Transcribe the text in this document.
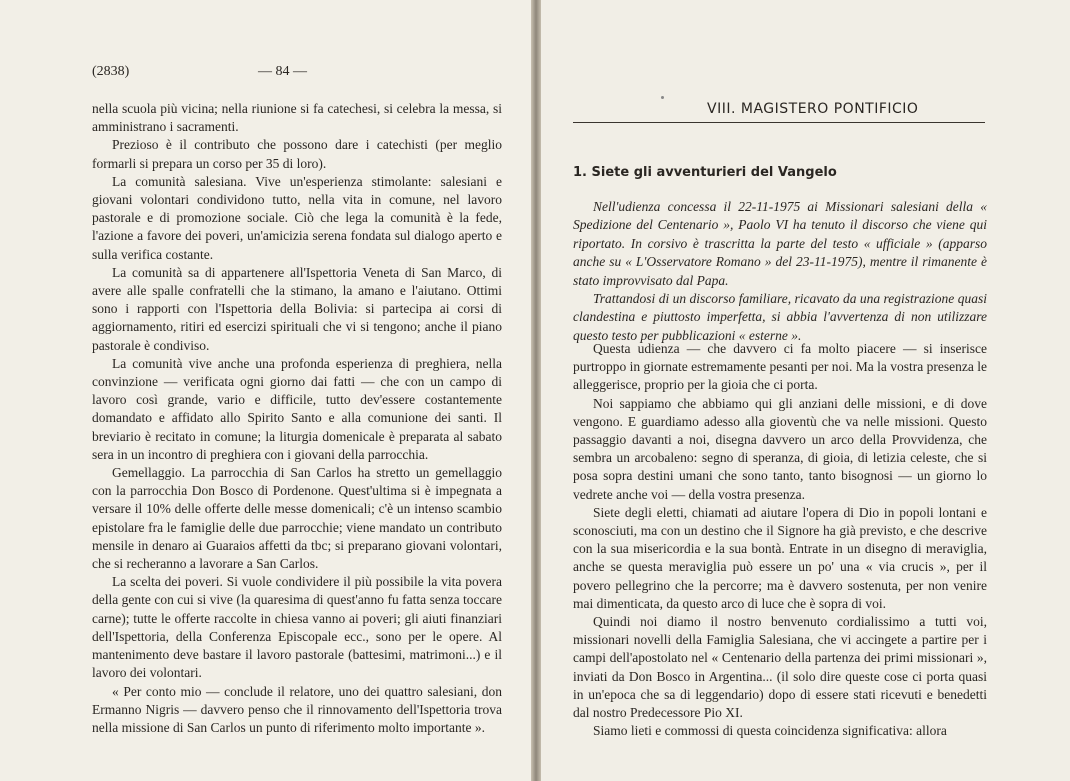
(2838)	— 84 —

nella scuola più vicina; nella riunione si fa catechesi, si celebra la messa, si amministrano i sacramenti.

Prezioso è il contributo che possono dare i catechisti (per meglio formarli si prepara un corso per 35 di loro).

La comunità salesiana. Vive un'esperienza stimolante: salesiani e giovani volontari condividono tutto, nella vita in comune, nel lavoro pastorale e di promozione sociale. Ciò che lega la comunità è la fede, l'azione a favore dei poveri, un'amicizia serena fondata sul dialogo aperto e sulla verifica costante.

La comunità sa di appartenere all'Ispettoria Veneta di San Marco, di avere alle spalle confratelli che la stimano, la amano e l'aiutano. Ottimi sono i rapporti con l'Ispettoria della Bolivia: si partecipa ai corsi di aggiornamento, ritiri ed esercizi spirituali che vi si tengono; anche il piano pastorale è condiviso.

La comunità vive anche una profonda esperienza di preghiera, nella convinzione — verificata ogni giorno dai fatti — che con un campo di lavoro così grande, vario e difficile, tutto dev'essere costantemente domandato e affidato allo Spirito Santo e alla comunione dei santi. Il breviario è recitato in comune; la liturgia domenicale è preparata al sabato sera in un incontro di preghiera con i giovani della parrocchia.

Gemellaggio. La parrocchia di San Carlos ha stretto un gemellaggio con la parrocchia Don Bosco di Pordenone. Quest'ultima si è impegnata a versare il 10% delle offerte delle messe domenicali; c'è un intenso scambio epistolare fra le famiglie delle due parrocchie; viene mandato un contributo mensile in denaro ai Guaraios affetti da tbc; si preparano giovani volontari, che si recheranno a lavorare a San Carlos.

La scelta dei poveri. Si vuole condividere il più possibile la vita povera della gente con cui si vive (la quaresima di quest'anno fu fatta senza toccare carne); tutte le offerte raccolte in chiesa vanno ai poveri; gli aiuti finanziari dell'Ispettoria, della Conferenza Episcopale ecc., sono per le opere. Al mantenimento deve bastare il lavoro pastorale (battesimi, matrimoni...) e il lavoro dei volontari.

« Per conto mio — conclude il relatore, uno dei quattro salesiani, don Ermanno Nigris — davvero penso che il rinnovamento dell'Ispettoria trova nella missione di San Carlos un punto di riferimento molto importante ».

VIII. MAGISTERO PONTIFICIO
1. Siete gli avventurieri del Vangelo

Nell'udienza concessa il 22-11-1975 ai Missionari salesiani della « Spedizione del Centenario », Paolo VI ha tenuto il discorso che viene qui riportato. In corsivo è trascritta la parte del testo « ufficiale » (apparso anche su « L'Osservatore Romano » del 23-11-1975), mentre il rimanente è stato improvvisato dal Papa.

Trattandosi di un discorso familiare, ricavato da una registrazione quasi clandestina e piuttosto imperfetta, si abbia l'avvertenza di non utilizzare questo testo per pubblicazioni « esterne ».

Questa udienza — che davvero ci fa molto piacere — si inserisce purtroppo in giornate estremamente pesanti per noi. Ma la vostra presenza le alleggerisce, proprio per la gioia che ci porta.

Noi sappiamo che abbiamo qui gli anziani delle missioni, e di dove vengono. E guardiamo adesso alla gioventù che va nelle missioni. Questo passaggio davanti a noi, disegna davvero un arco della Provvidenza, che sembra un arcobaleno: segno di speranza, di gioia, di letizia celeste, che si posa sopra destini umani che sono tanto, tanto bisognosi — un giorno lo vedrete anche voi — della vostra presenza.

Siete degli eletti, chiamati ad aiutare l'opera di Dio in popoli lontani e sconosciuti, ma con un destino che il Signore ha già previsto, e che descrive con la sua misericordia e la sua bontà. Entrate in un disegno di meraviglia, anche se questa meraviglia può essere un po' una « via crucis », per il povero pellegrino che la percorre; ma è davvero sostenuta, per non venire mai dimenticata, da questo arco di luce che è sopra di voi.

Quindi noi diamo il nostro benvenuto cordialissimo a tutti voi, missionari novelli della Famiglia Salesiana, che vi accingete a partire per i campi dell'apostolato nel « Centenario della partenza dei primi missionari », inviati da Don Bosco in Argentina... (il solo dire queste cose ci porta quasi in un'epoca che sa di leggendario) dopo di essere stati ricevuti e benedetti dal nostro Predecessore Pio XI.

Siamo lieti e commossi di questa coincidenza significativa: allora
